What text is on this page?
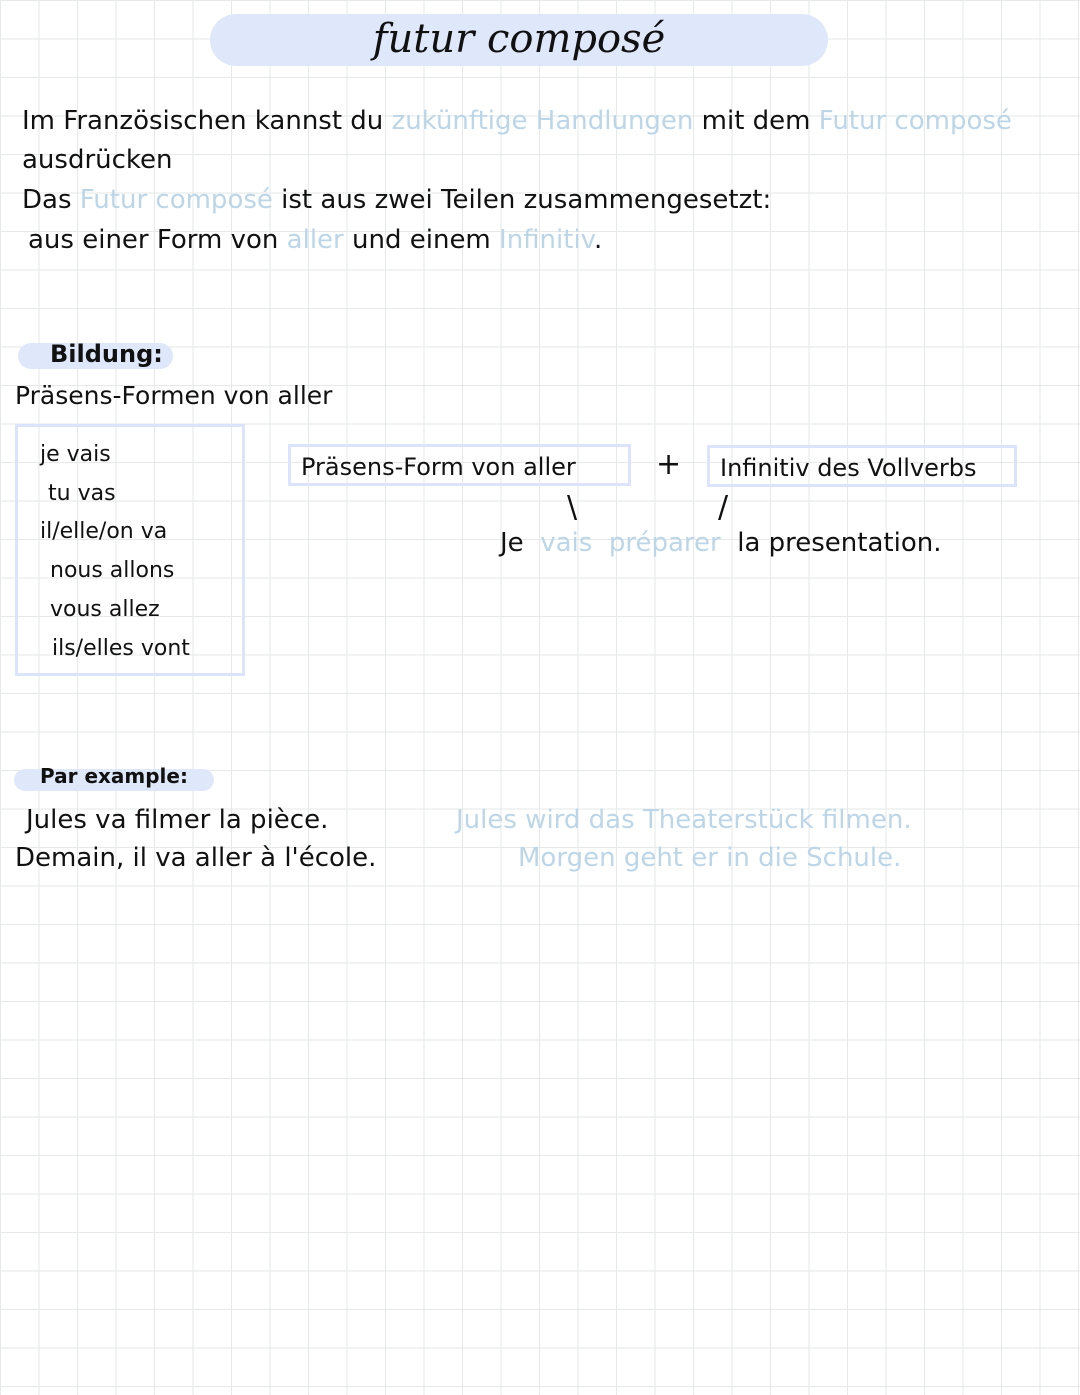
futur composé
Im Französischen kannst du zukünftige Handlungen mit dem Futur composé
ausdrücken
Das Futur composé ist aus zwei Teilen zusammengesetzt:
aus einer Form von aller und einem Infinitiv.
Bildung:
Präsens-Formen von aller
je vais
tu vas
il/elle/on va
nous allons
vous allez
ils/elles vont
Präsens-Form von aller	+	Infinitiv des Vollverbs
\	/
Je vais préparer la presentation.
Par example:
Jules va filmer la pièce.	Jules wird das Theaterstück filmen.
Demain, il va aller à l'école.	Morgen geht er in die Schule.
